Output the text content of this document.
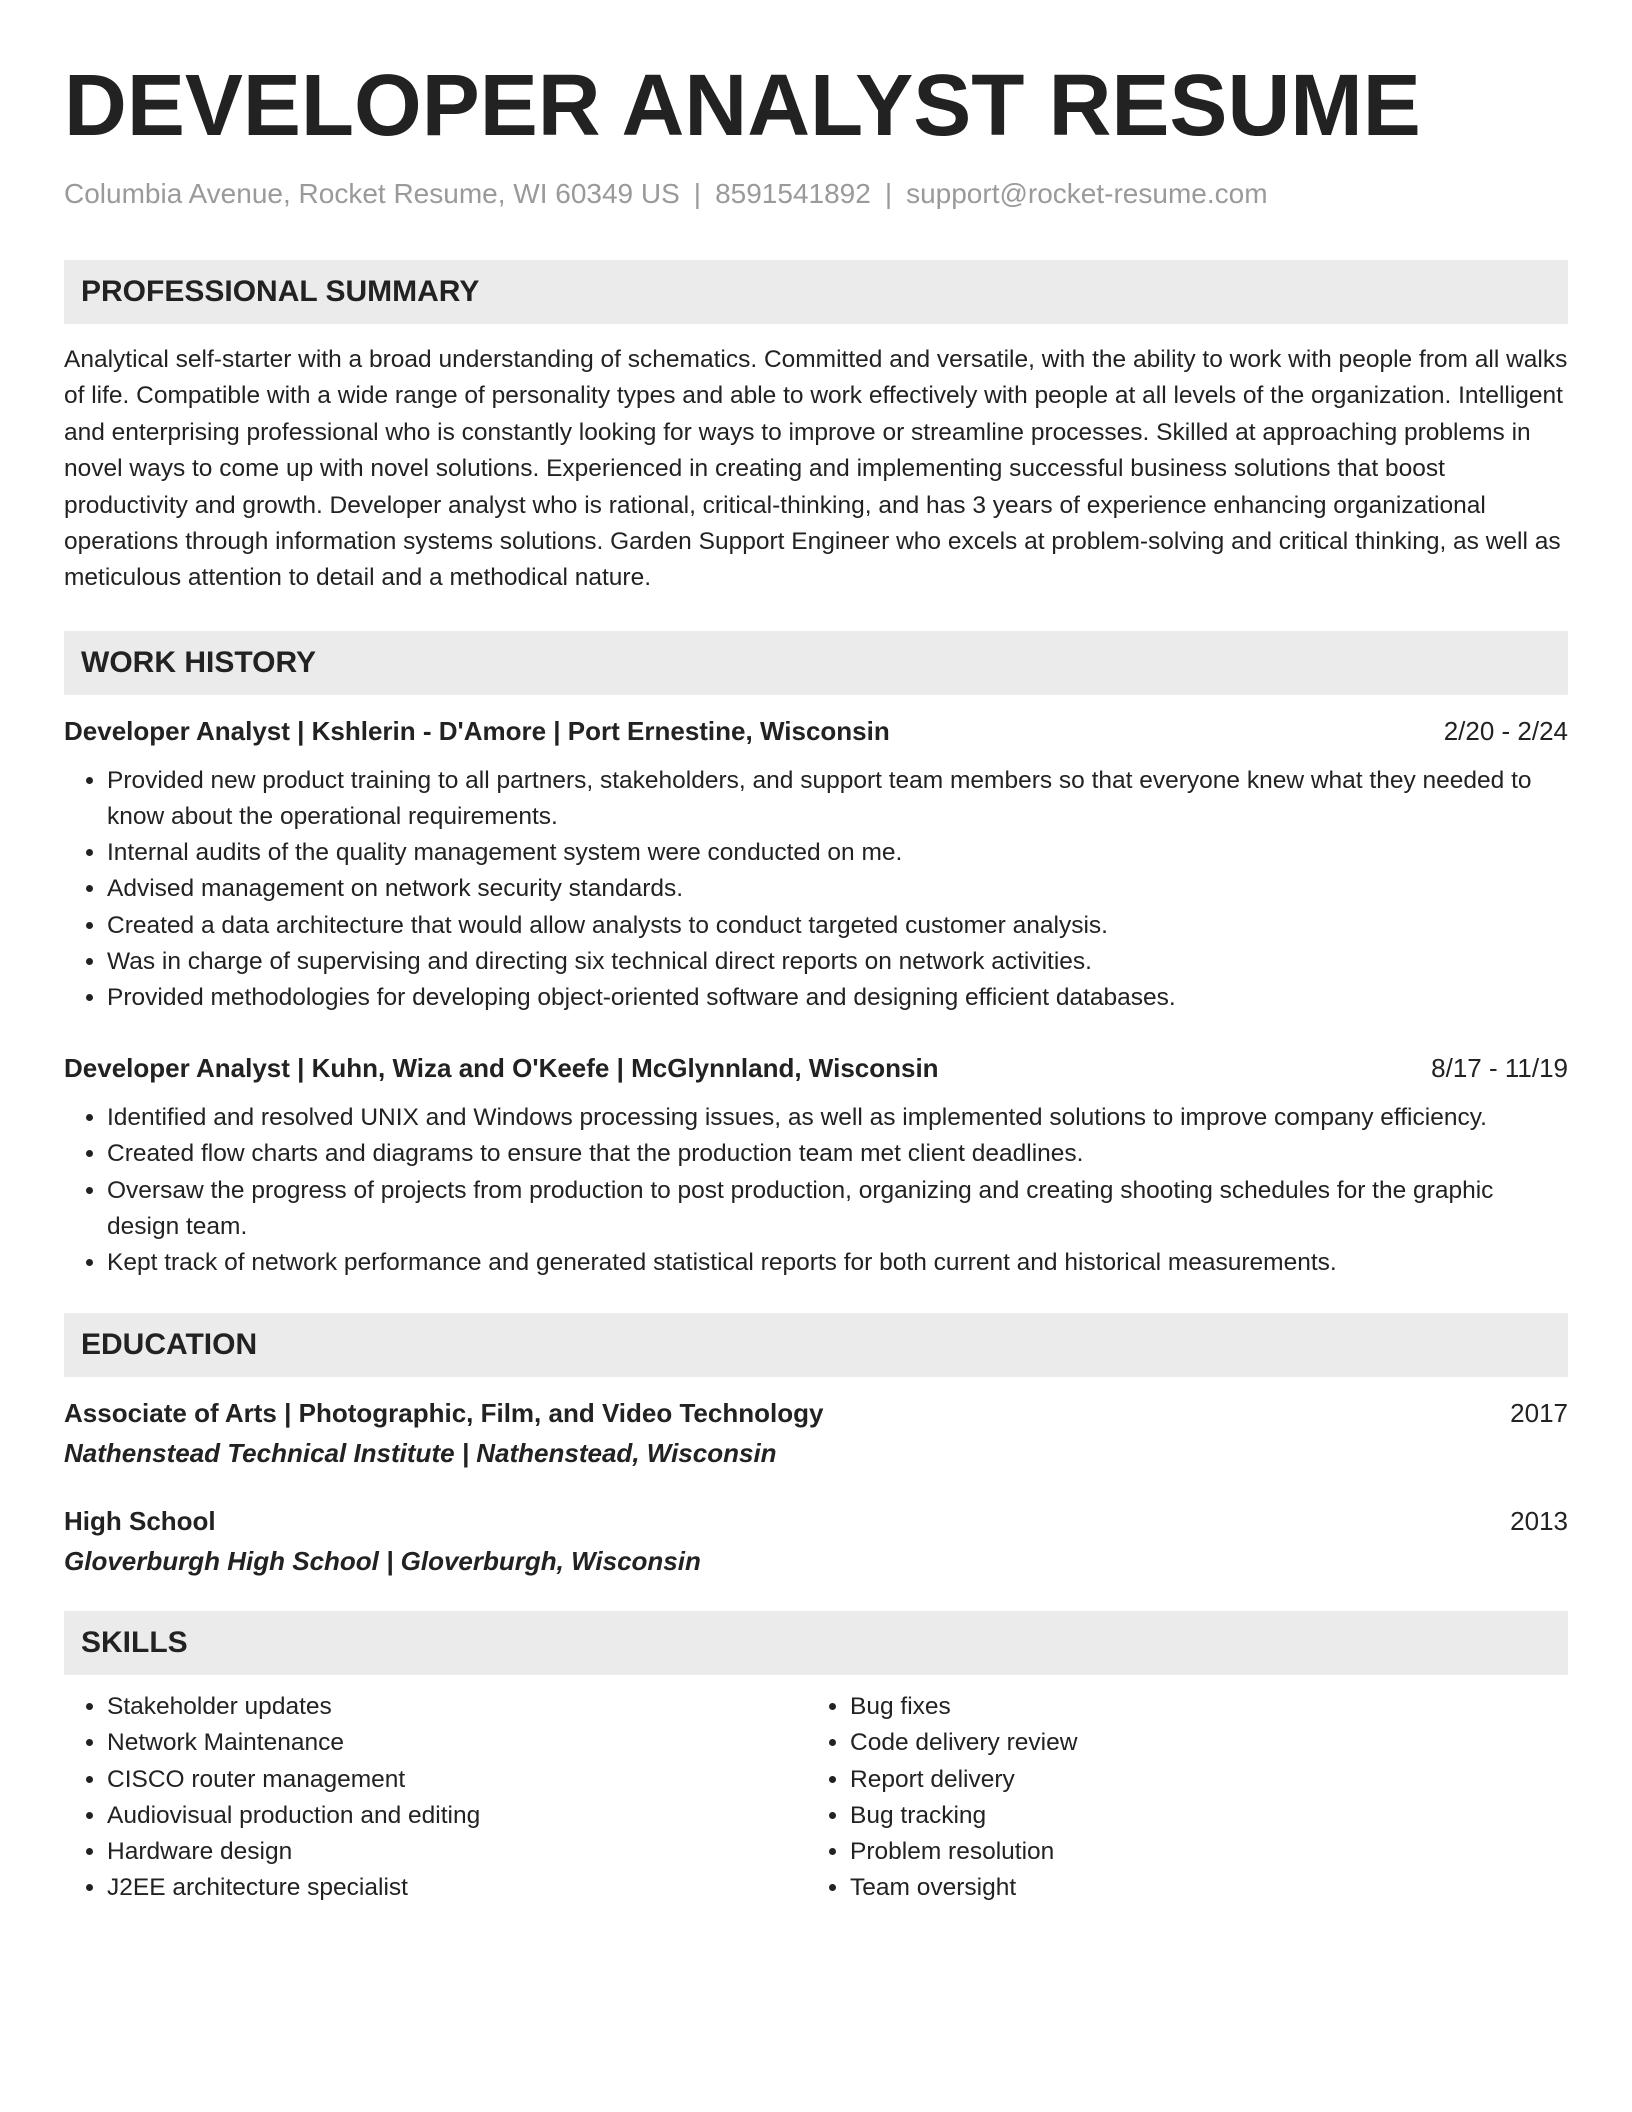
DEVELOPER ANALYST RESUME
Columbia Avenue, Rocket Resume, WI 60349 US | 8591541892 | support@rocket-resume.com
PROFESSIONAL SUMMARY

Analytical self-starter with a broad understanding of schematics. Committed and versatile, with the ability to work with people from all walks of life. Compatible with a wide range of personality types and able to work effectively with people at all levels of the organization. Intelligent and enterprising professional who is constantly looking for ways to improve or streamline processes. Skilled at approaching problems in novel ways to come up with novel solutions. Experienced in creating and implementing successful business solutions that boost productivity and growth. Developer analyst who is rational, critical-thinking, and has 3 years of experience enhancing organizational operations through information systems solutions. Garden Support Engineer who excels at problem-solving and critical thinking, as well as meticulous attention to detail and a methodical nature.

WORK HISTORY
Developer Analyst | Kshlerin - D'Amore | Port Ernestine, Wisconsin	2/20 - 2/24
• Provided new product training to all partners, stakeholders, and support team members so that everyone knew what they needed to know about the operational requirements.
• Internal audits of the quality management system were conducted on me.
• Advised management on network security standards.
• Created a data architecture that would allow analysts to conduct targeted customer analysis.
• Was in charge of supervising and directing six technical direct reports on network activities.
• Provided methodologies for developing object-oriented software and designing efficient databases.
Developer Analyst | Kuhn, Wiza and O'Keefe | McGlynnland, Wisconsin	8/17 - 11/19
• Identified and resolved UNIX and Windows processing issues, as well as implemented solutions to improve company efficiency.
• Created flow charts and diagrams to ensure that the production team met client deadlines.
• Oversaw the progress of projects from production to post production, organizing and creating shooting schedules for the graphic design team.
• Kept track of network performance and generated statistical reports for both current and historical measurements.
EDUCATION
Associate of Arts | Photographic, Film, and Video Technology	2017
Nathenstead Technical Institute | Nathenstead, Wisconsin
High School	2013
Gloverburgh High School | Gloverburgh, Wisconsin
SKILLS
• Stakeholder updates
• Network Maintenance
• CISCO router management
• Audiovisual production and editing
• Hardware design
• J2EE architecture specialist
• Bug fixes
• Code delivery review
• Report delivery
• Bug tracking
• Problem resolution
• Team oversight
